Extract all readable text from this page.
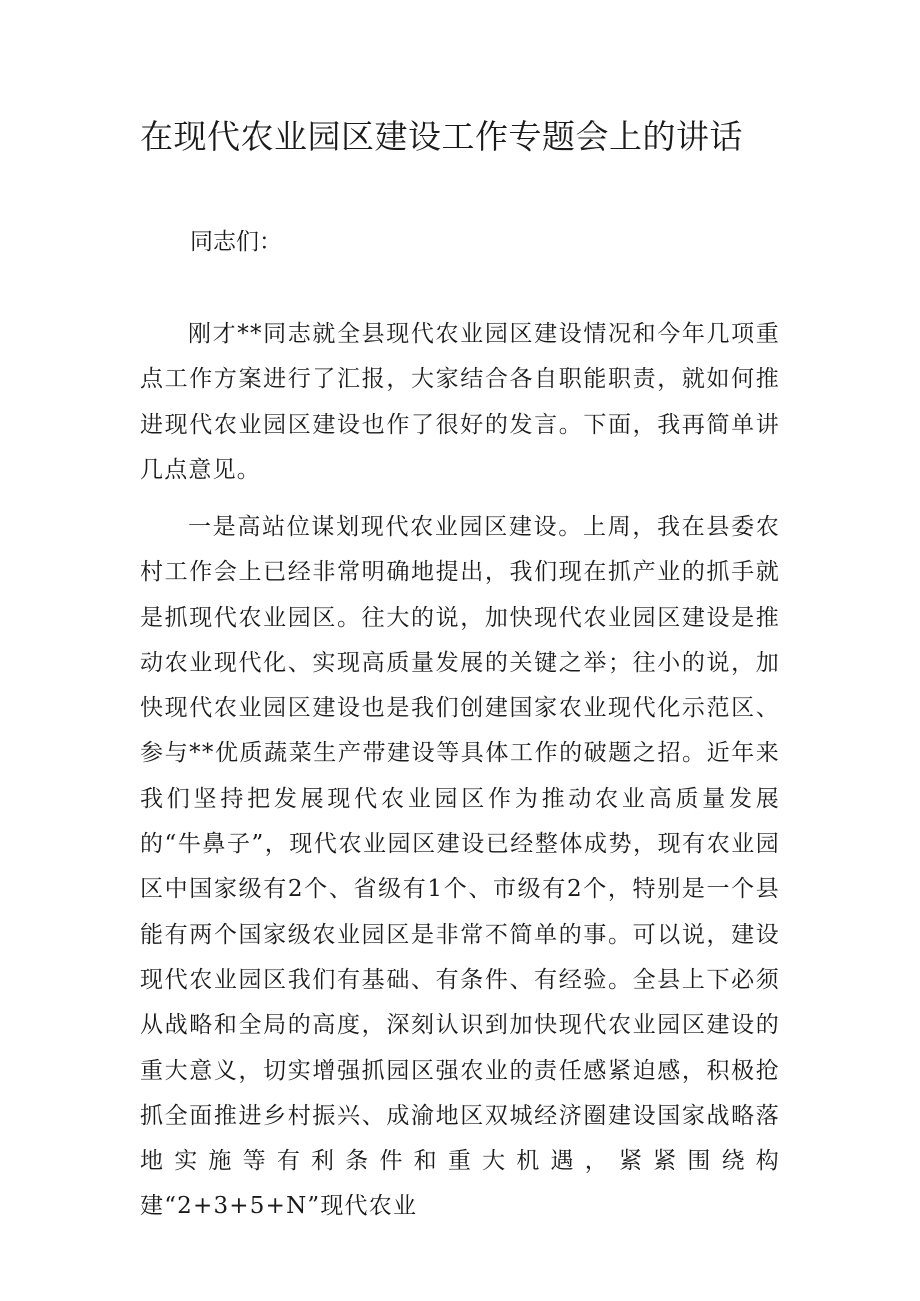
在现代农业园区建设工作专题会上的讲话
同志们：

刚才**同志就全县现代农业园区建设情况和今年几项重点工作方案进行了汇报，大家结合各自职能职责，就如何推进现代农业园区建设也作了很好的发言。下面，我再简单讲几点意见。

一是高站位谋划现代农业园区建设。上周，我在县委农村工作会上已经非常明确地提出，我们现在抓产业的抓手就是抓现代农业园区。往大的说，加快现代农业园区建设是推动农业现代化、实现高质量发展的关键之举；往小的说，加快现代农业园区建设也是我们创建国家农业现代化示范区、参与**优质蔬菜生产带建设等具体工作的破题之招。近年来我们坚持把发展现代农业园区作为推动农业高质量发展的“牛鼻子”，现代农业园区建设已经整体成势，现有农业园区中国家级有2个、省级有1个、市级有2个，特别是一个县能有两个国家级农业园区是非常不简单的事。可以说，建设现代农业园区我们有基础、有条件、有经验。全县上下必须从战略和全局的高度，深刻认识到加快现代农业园区建设的重大意义，切实增强抓园区强农业的责任感紧迫感，积极抢抓全面推进乡村振兴、成渝地区双城经济圈建设国家战略落地实施等有利条件和重大机遇，紧紧围绕构建“2+3+5+N”现代农业
